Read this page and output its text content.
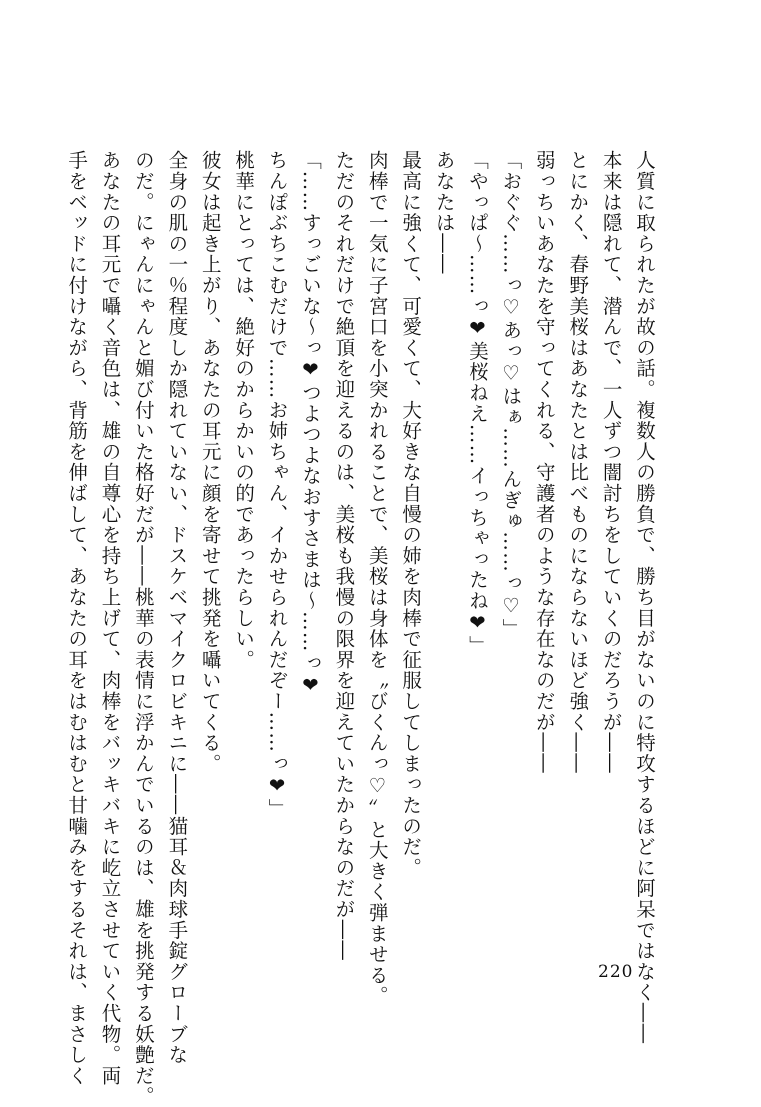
人質に取られたが故の話。複数人の勝負で、勝ち目がないのに特攻するほどに阿呆ではなく――
本来は隠れて、潜んで、一人ずつ闇討ちをしていくのだろうが――
とにかく、春野美桜はあなたとは比べものにならないほど強く――
弱っちいあなたを守ってくれる、守護者のような存在なのだが――
「おぐぐ……っ♡あっ♡はぁ……んぎゅ……っ♡」
「やっぱ〜……っ❤美桜ねえ……イっちゃったね❤」
あなたは――
最高に強くて、可愛くて、大好きな自慢の姉を肉棒で征服してしまったのだ。
肉棒で一気に子宮口を小突かれることで、美桜は身体を〝びくんっ♡〟と大きく弾ませる。
ただのそれだけで絶頂を迎えるのは、美桜も我慢の限界を迎えていたからなのだが――
「……すっごいな〜っ❤つよつよなおすさまは〜……っ❤
ちんぽぶちこむだけで……お姉ちゃん、イかせられんだぞー……っ❤」
桃華にとっては、絶好のからかいの的であったらしい。
彼女は起き上がり、あなたの耳元に顔を寄せて挑発を囁いてくる。
全身の肌の一％程度しか隠れていない、ドスケベマイクロビキニに――猫耳＆肉球手錠グローブな
のだ。にゃんにゃんと媚び付いた格好だが――桃華の表情に浮かんでいるのは、雄を挑発する妖艶だ。
あなたの耳元で囁く音色は、雄の自尊心を持ち上げて、肉棒をバッキバキに屹立させていく代物。両
手をベッドに付けながら、背筋を伸ばして、あなたの耳をはむはむと甘噛みをするそれは、まさしく	220
